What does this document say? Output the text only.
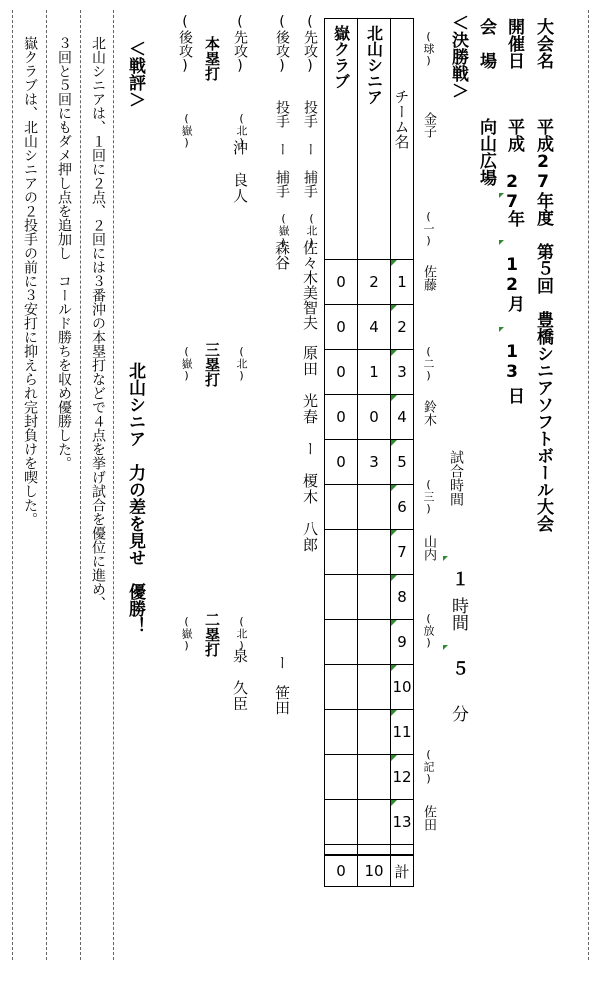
大会名
平成27年度　第５回　豊橋シニアソフトボール大会
開催日
平成
27
年
12
月
13
日
会　場
向山広場
＜決勝戦＞
(球)
金子
(一)
佐藤
(二)
鈴木
(三)
山内
(放)
(記)
佐田
試合時間
１
時間
５
分
嶽クラブ	北山シニア	チーム名

0	2	1
0	4	2
0	1	3
0	0	4
0	3	5

6

7

8

9

10

11

12

13

0	10	計
(先攻)
投手　ー　捕手
(北)
佐々木美智夫
原田　光春　ー　榎木　八郎
(後攻)
投手　ー　捕手
(嶽)
森谷
ー　笹田
(先攻)
(後攻) 本塁打
(北)
沖　良人
(嶽)
三塁打 (北)
(嶽)
二塁打 (北)
泉　久臣
(嶽)
＜戦評＞
北山シニア　力の差を見せ　優勝！
北山シニアは、１回に２点、２回には３番沖の本塁打などで４点を挙げ試合を優位に進め、
３回と５回にもダメ押し点を追加し　コールド勝ちを収め優勝した。
嶽クラブは、北山シニアの２投手の前に３安打に抑えられ完封負けを喫した。
